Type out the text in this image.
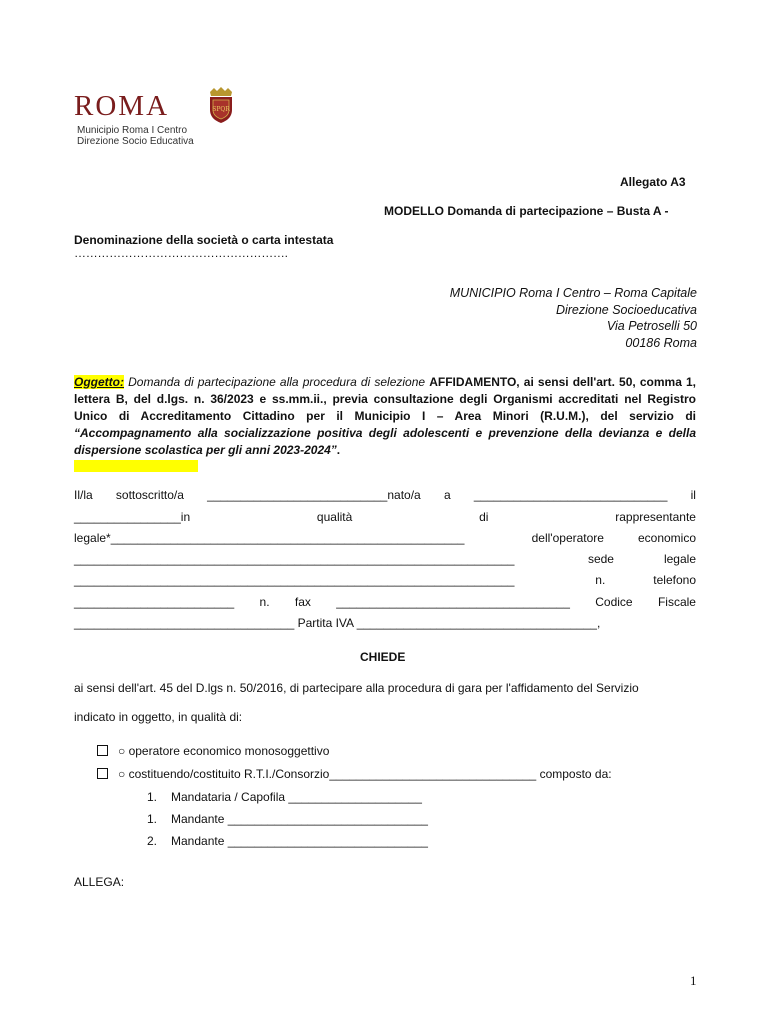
ROMA	SPQR
Municipio Roma I Centro
Direzione Socio Educativa
Allegato A3
MODELLO Domanda di partecipazione – Busta A -
Denominazione della società o carta intestata
……………………………………………….
MUNICIPIO Roma I Centro – Roma Capitale
Direzione Socioeducativa
Via Petroselli 50
00186 Roma
Oggetto: Domanda di partecipazione alla procedura di selezione AFFIDAMENTO, ai sensi dell'art. 50, comma 1, lettera B, del d.lgs. n. 36/2023 e ss.mm.ii., previa consultazione degli Organismi accreditati nel Registro Unico di Accreditamento Cittadino per il Municipio I – Area Minori (R.U.M.), del servizio di “Accompagnamento alla socializzazione positiva degli adolescenti e prevenzione della devianza e della dispersione scolastica per gli anni 2023-2024”.
Il/la sottoscritto/a ___________________________nato/a a _____________________________ il
________________in	qualità	di	rappresentante
legale*_____________________________________________________	dell'operatore	economico
__________________________________________________________________	sede	legale
__________________________________________________________________	n.	telefono
________________________ n. fax ___________________________________ Codice Fiscale
_________________________________ Partita IVA ____________________________________,
CHIEDE
ai sensi dell'art. 45 del D.lgs n. 50/2016, di partecipare alla procedura di gara per l'affidamento del Servizio
indicato in oggetto, in qualità di:
○ operatore economico monosoggettivo
○ costituendo/costituito R.T.I./Consorzio_______________________________ composto da:
1. Mandataria / Capofila ____________________
1. Mandante ______________________________
2. Mandante ______________________________
ALLEGA:
1
